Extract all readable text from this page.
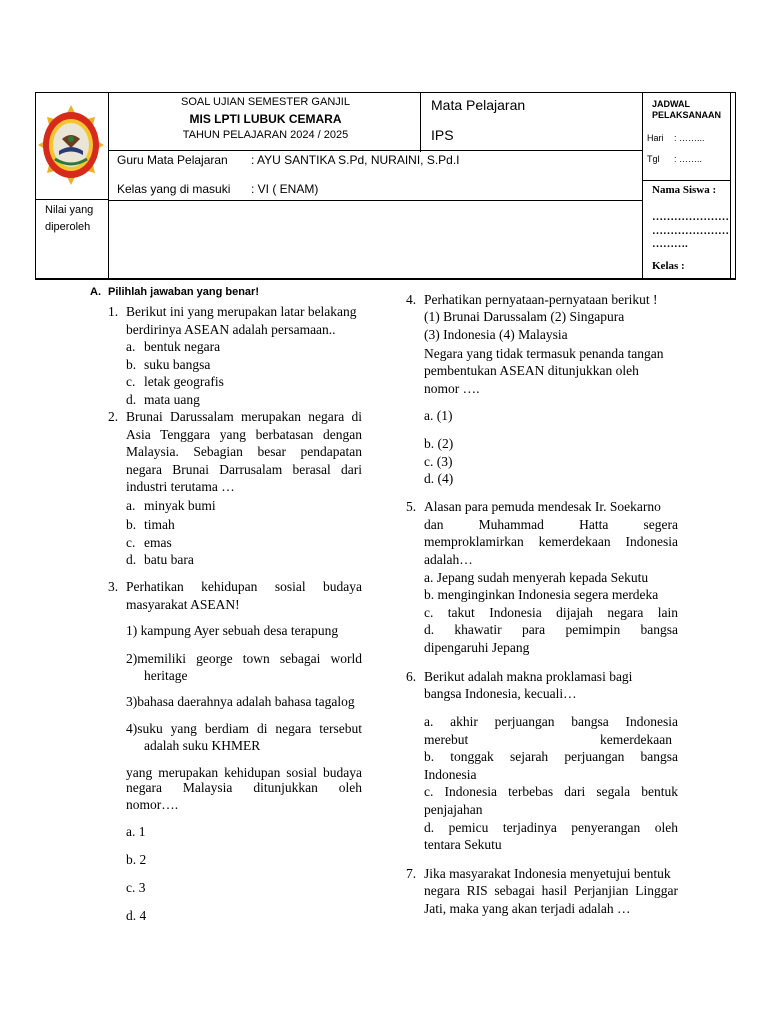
SOAL UJIAN SEMESTER GANJIL
MIS LPTI LUBUK CEMARA
TAHUN PELAJARAN 2024 / 2025
Mata Pelajaran
IPS
JADWAL PELAKSANAAN
Hari : ……...
Tgl : ……..
Guru Mata Pelajaran : AYU SANTIKA S.Pd, NURAINI, S.Pd.I
Kelas yang di masuki : VI ( ENAM)
Nilai yang
diperoleh
Nama Siswa :
…………………
…………………
……….
Kelas :
A. Pilihlah jawaban yang benar!
1. Berikut ini yang merupakan latar belakang
berdirinya ASEAN adalah persamaan..
a. bentuk negara
b. suku bangsa
c. letak geografis
d. mata uang
2. Brunai Darussalam merupakan negara di
Asia Tenggara yang berbatasan dengan
Malaysia. Sebagian besar pendapatan
negara Brunai Darrusalam berasal dari
industri terutama …
a. minyak bumi
b. timah
c. emas
d. batu bara
3. Perhatikan kehidupan sosial budaya
masyarakat ASEAN!
1) kampung Ayer sebuah desa terapung
2)memiliki george town sebagai world
heritage
3)bahasa daerahnya adalah bahasa tagalog
4)suku yang berdiam di negara tersebut
adalah suku KHMER
yang merupakan kehidupan sosial budaya
negara Malaysia ditunjukkan oleh
nomor….
a. 1
b. 2
c. 3
d. 4
4. Perhatikan pernyataan-pernyataan berikut !
(1) Brunai Darussalam (2) Singapura
(3) Indonesia (4) Malaysia
Negara yang tidak termasuk penanda tangan
pembentukan ASEAN ditunjukkan oleh
nomor ….
a. (1)
b. (2)
c. (3)
d. (4)
5. Alasan para pemuda mendesak Ir. Soekarno
dan Muhammad Hatta segera
memproklamirkan kemerdekaan Indonesia
adalah…
a. Jepang sudah menyerah kepada Sekutu
b. menginginkan Indonesia segera merdeka
c. takut Indonesia dijajah negara lain
d. khawatir para pemimpin bangsa
dipengaruhi Jepang
6. Berikut adalah makna proklamasi bagi
bangsa Indonesia, kecuali…
a. akhir perjuangan bangsa Indonesia
merebut	kemerdekaan
b. tonggak sejarah perjuangan bangsa
Indonesia
c. Indonesia terbebas dari segala bentuk
penjajahan
d. pemicu terjadinya penyerangan oleh
tentara Sekutu
7. Jika masyarakat Indonesia menyetujui bentuk
negara RIS sebagai hasil Perjanjian Linggar
Jati, maka yang akan terjadi adalah …
